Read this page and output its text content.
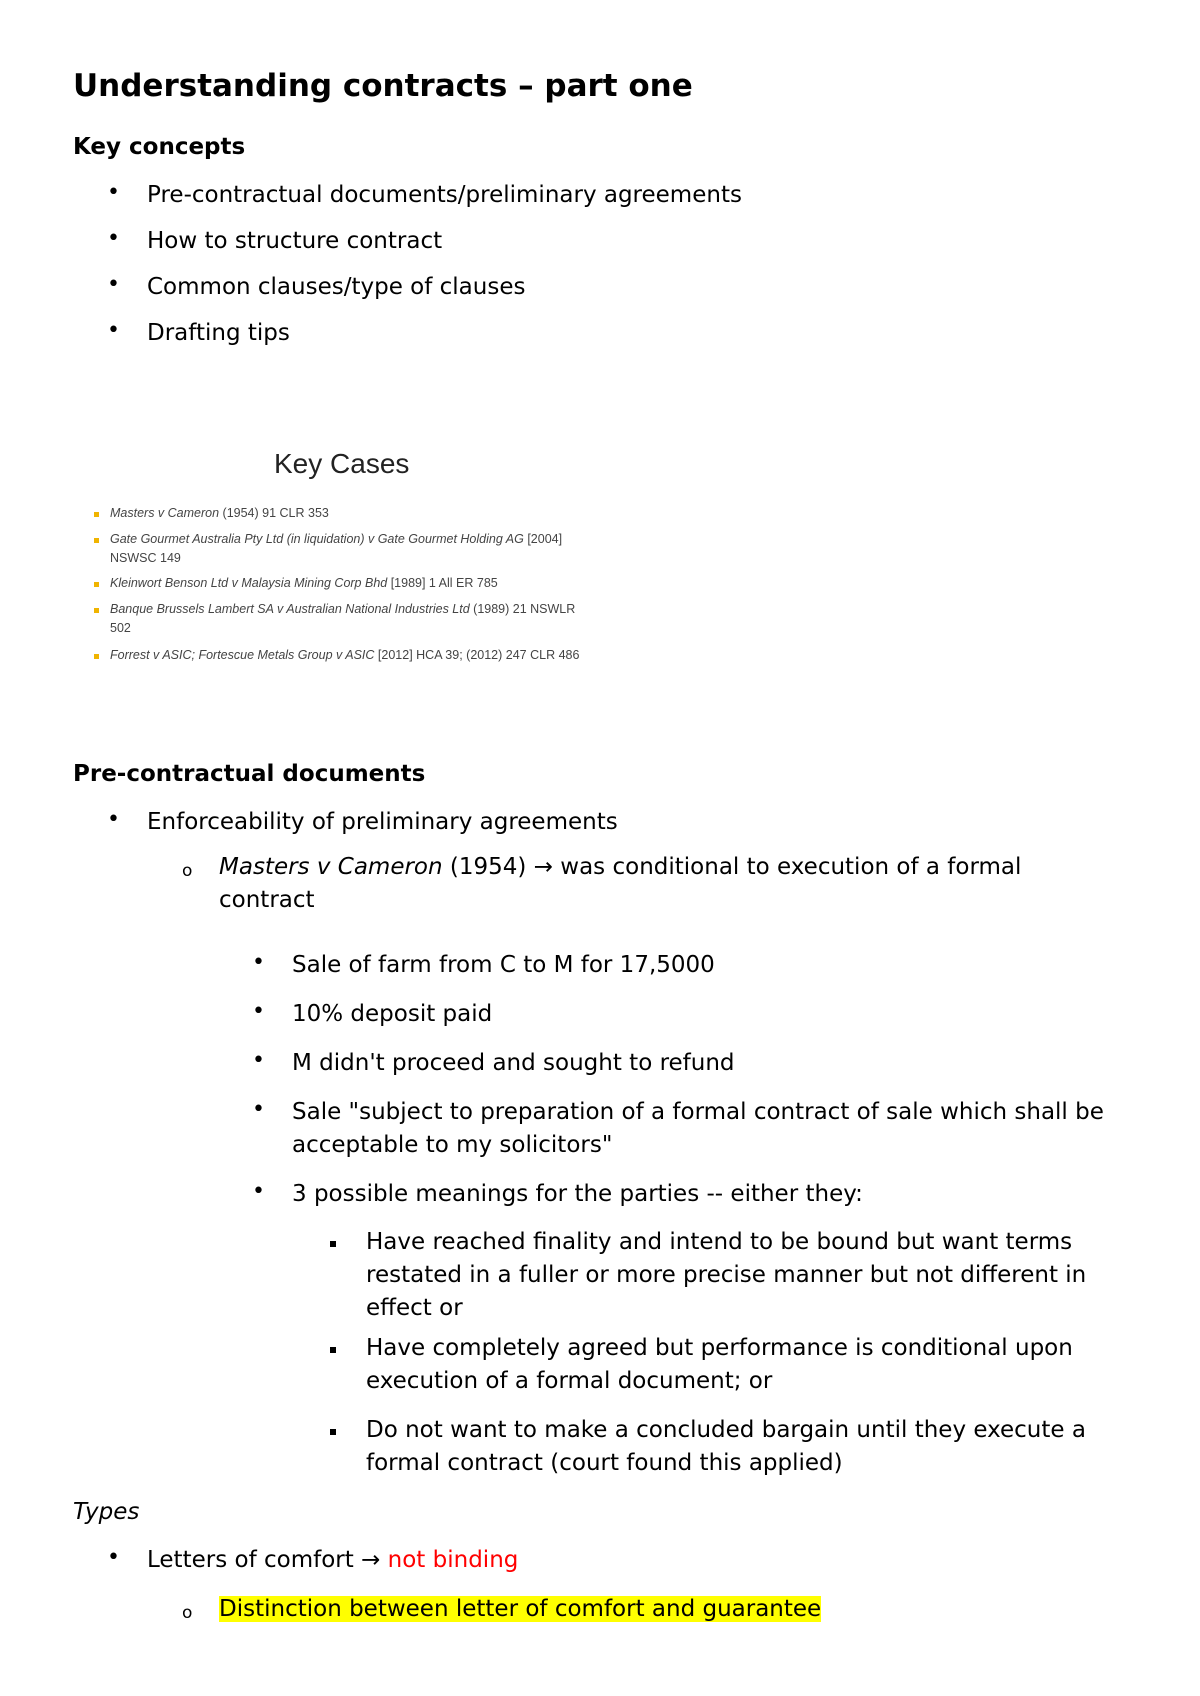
Understanding contracts – part one
Key concepts
• Pre-contractual documents/preliminary agreements
• How to structure contract
• Common clauses/type of clauses
• Drafting tips
Key Cases
Masters v Cameron (1954) 91 CLR 353
Gate Gourmet Australia Pty Ltd (in liquidation) v Gate Gourmet Holding AG [2004] NSWSC 149
Kleinwort Benson Ltd v Malaysia Mining Corp Bhd [1989] 1 All ER 785
Banque Brussels Lambert SA v Australian National Industries Ltd (1989) 21 NSWLR 502
Forrest v ASIC; Fortescue Metals Group v ASIC [2012] HCA 39; (2012) 247 CLR 486
Pre-contractual documents
• Enforceability of preliminary agreements
o Masters v Cameron (1954) → was conditional to execution of a formal contract
• Sale of farm from C to M for 17,5000
• 10% deposit paid
• M didn't proceed and sought to refund
• Sale "subject to preparation of a formal contract of sale which shall be acceptable to my solicitors"
• 3 possible meanings for the parties -- either they:
Have reached finality and intend to be bound but want terms restated in a fuller or more precise manner but not different in effect or
Have completely agreed but performance is conditional upon execution of a formal document; or
Do not want to make a concluded bargain until they execute a formal contract (court found this applied)
Types
• Letters of comfort → not binding
o Distinction between letter of comfort and guarantee
